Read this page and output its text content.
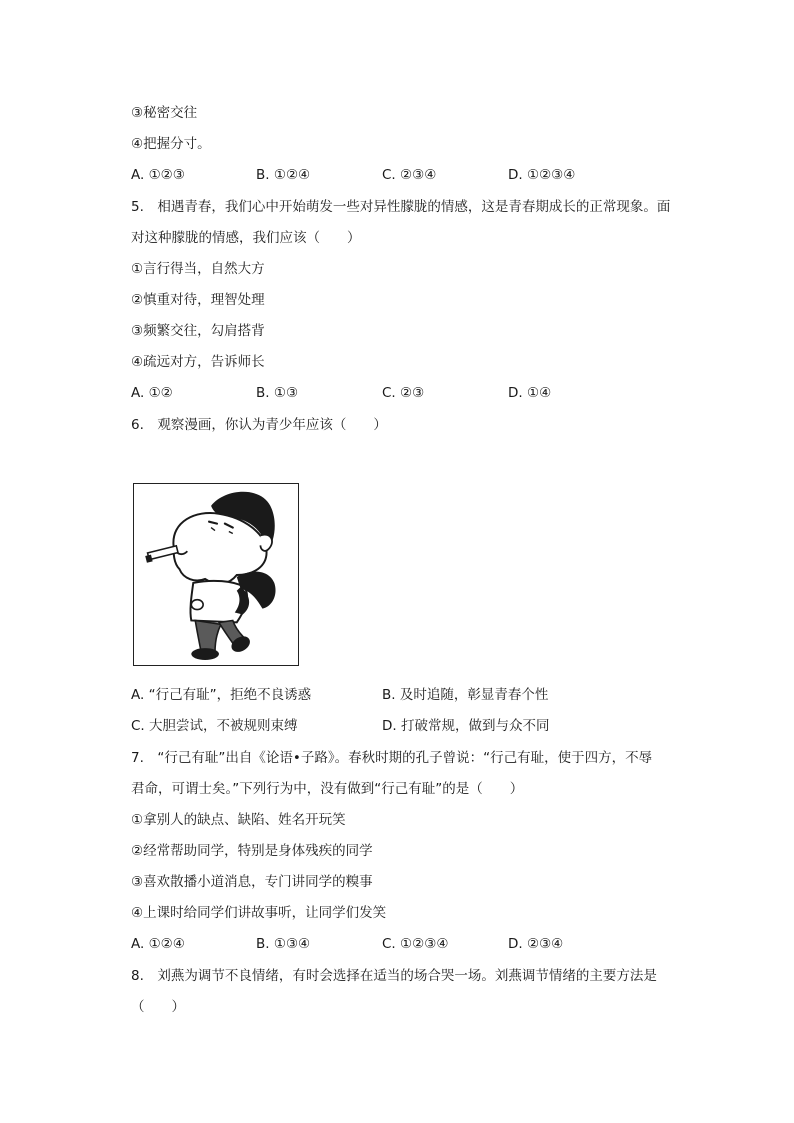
③秘密交往
④把握分寸。
A. ①②③	B. ①②④	C. ②③④	D. ①②③④
5.　相遇青春，我们心中开始萌发一些对异性朦胧的情感，这是青春期成长的正常现象。面
对这种朦胧的情感，我们应该（　　）
①言行得当，自然大方
②慎重对待，理智处理
③频繁交往，勾肩搭背
④疏远对方，告诉师长
A. ①②	B. ①③	C. ②③	D. ①④
6.　观察漫画，你认为青少年应该（　　）
A. “行己有耻”，拒绝不良诱惑	B. 及时追随，彰显青春个性
C. 大胆尝试，不被规则束缚	D. 打破常规，做到与众不同
7.　“行己有耻”出自《论语•子路》。春秋时期的孔子曾说：“行己有耻，使于四方，不辱
君命，可谓士矣。”下列行为中，没有做到“行己有耻”的是（　　）
①拿别人的缺点、缺陷、姓名开玩笑
②经常帮助同学，特别是身体残疾的同学
③喜欢散播小道消息，专门讲同学的糗事
④上课时给同学们讲故事听，让同学们发笑
A. ①②④	B. ①③④	C. ①②③④	D. ②③④
8.　刘燕为调节不良情绪，有时会选择在适当的场合哭一场。刘燕调节情绪的主要方法是
（　　）
